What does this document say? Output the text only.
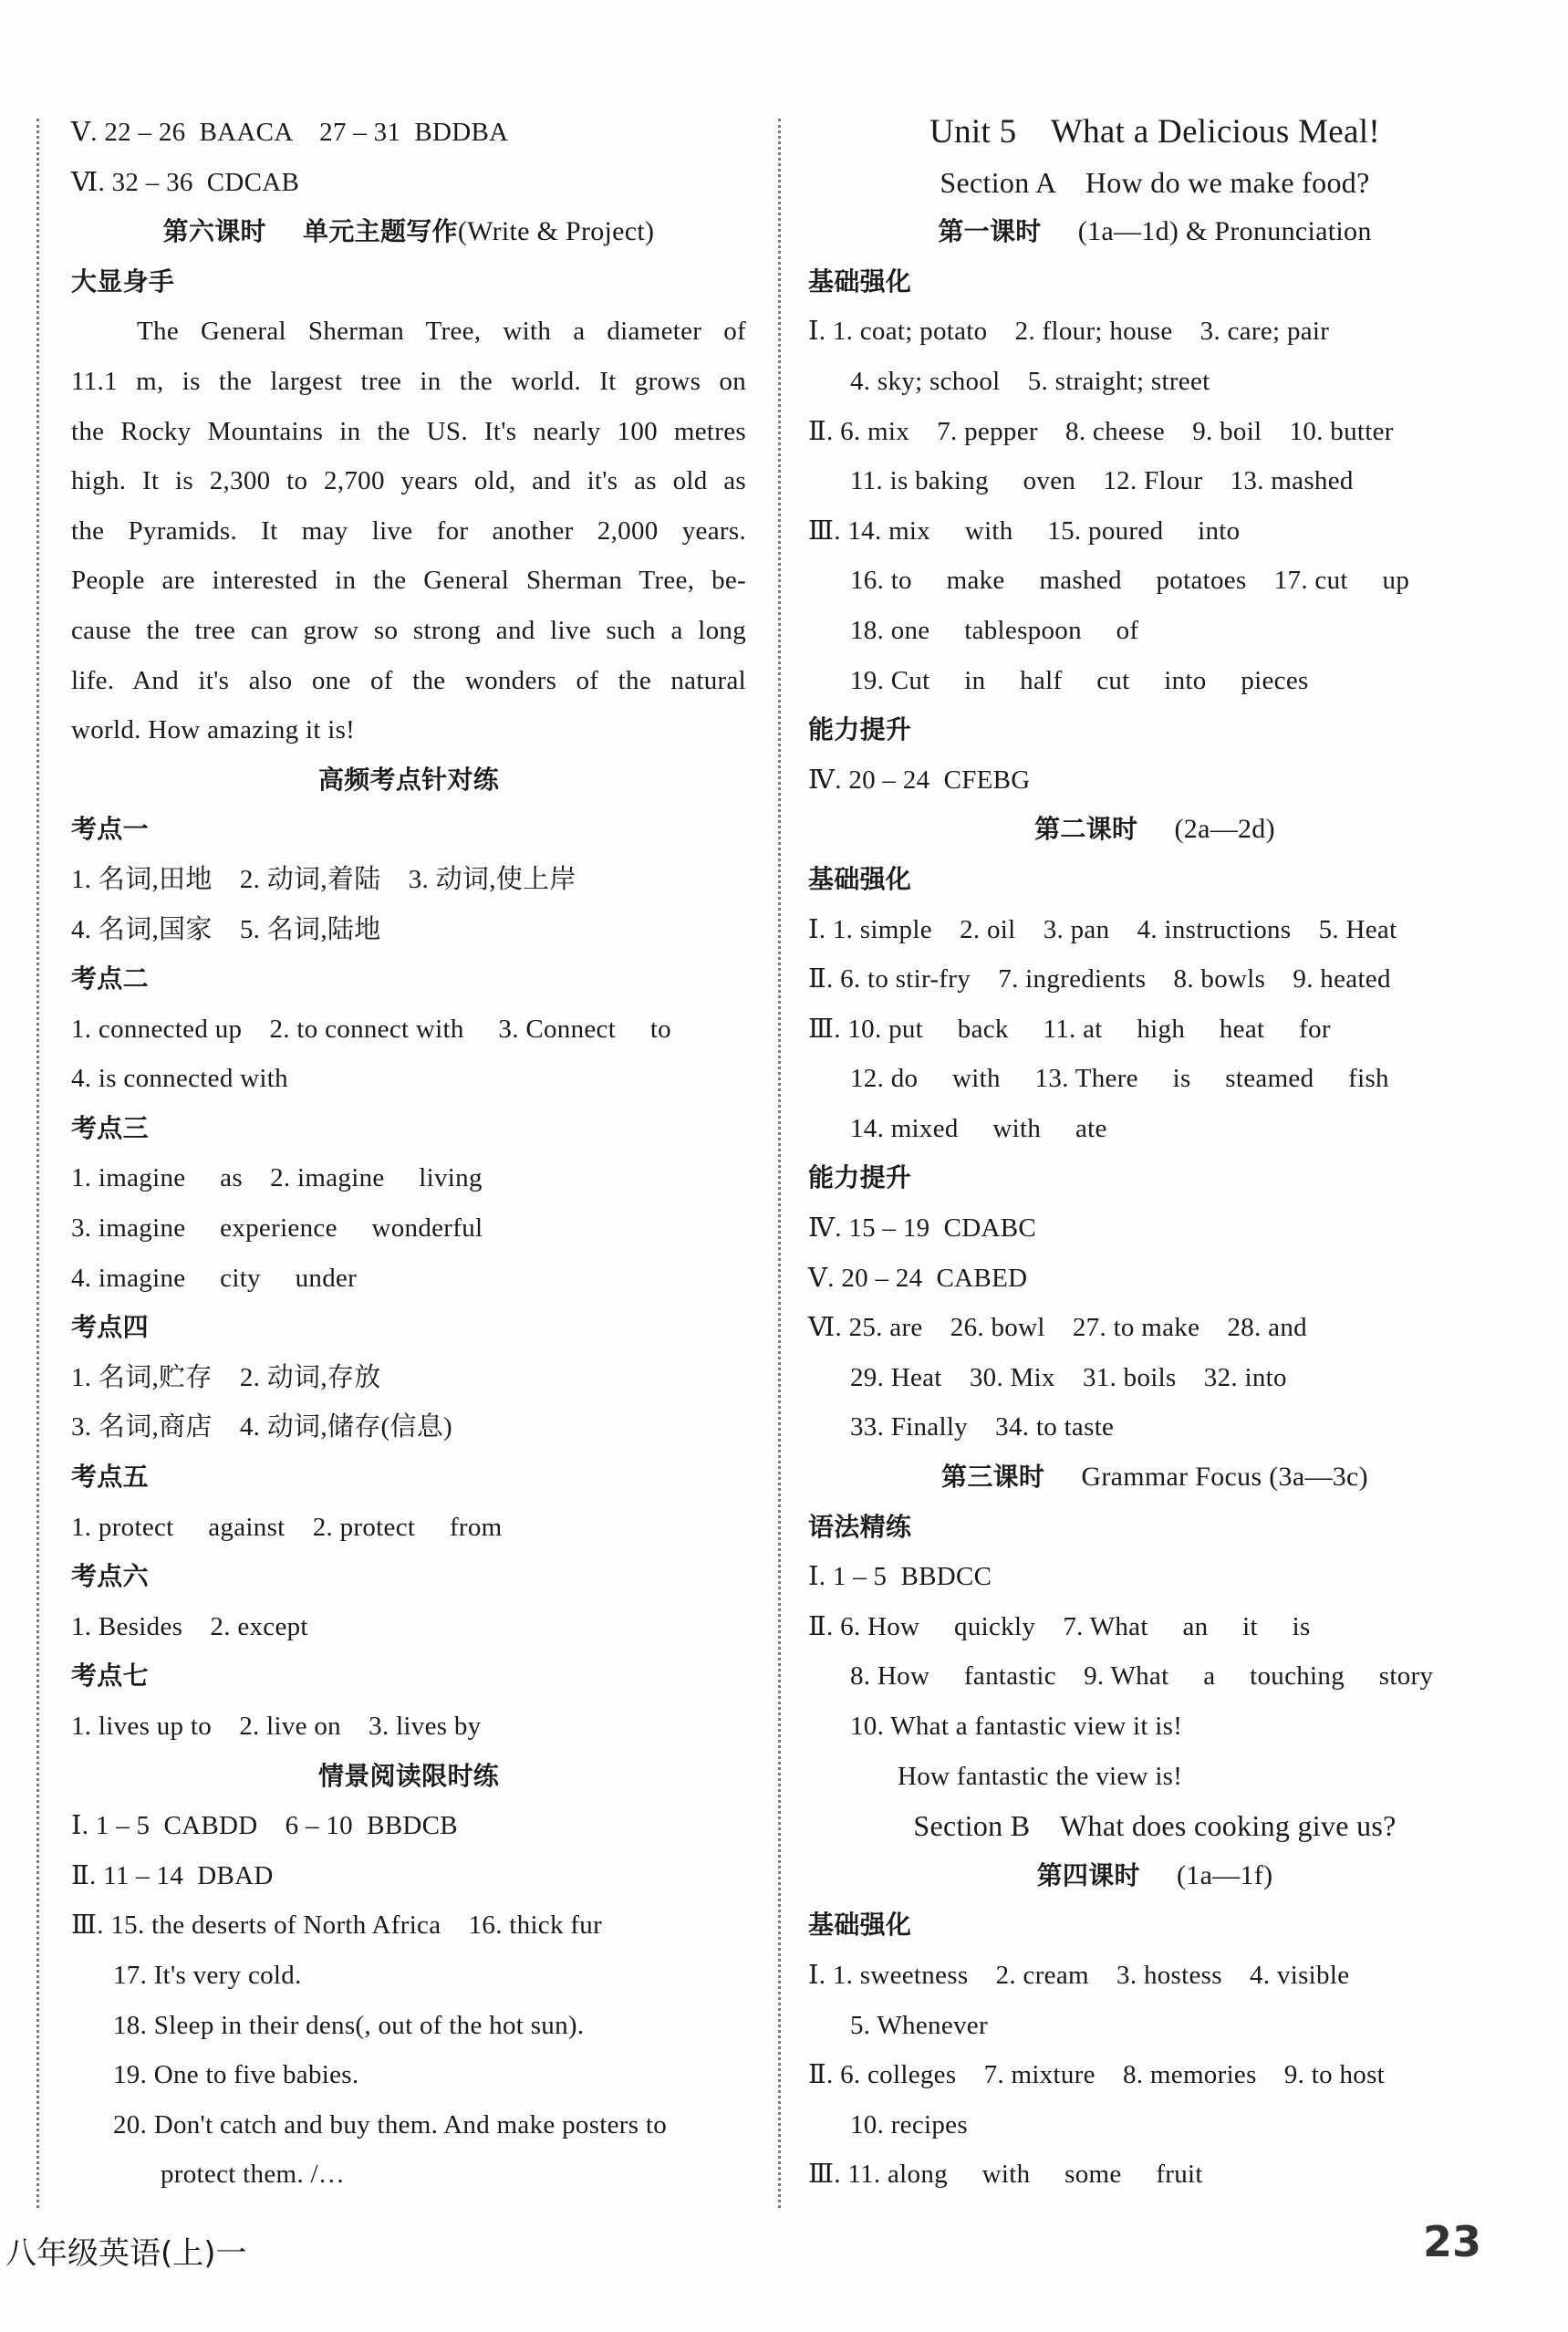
Ⅴ. 22 – 26  BAACA    27 – 31  BDDBA
Ⅵ. 32 – 36  CDCAB
第六课时    单元主题写作(Write & Project)
大显身手
The General Sherman Tree, with a diameter of
11.1 m, is the largest tree in the world. It grows on
the Rocky Mountains in the US. It's nearly 100 metres
high. It is 2,300 to 2,700 years old, and it's as old as
the Pyramids. It may live for another 2,000 years.
People are interested in the General Sherman Tree, be-
cause the tree can grow so strong and live such a long
life. And it's also one of the wonders of the natural
world. How amazing it is!
高频考点针对练
考点一
1. 名词,田地    2. 动词,着陆    3. 动词,使上岸
4. 名词,国家    5. 名词,陆地
考点二
1. connected up    2. to connect with     3. Connect     to
4. is connected with
考点三
1. imagine     as    2. imagine     living
3. imagine     experience     wonderful
4. imagine     city     under
考点四
1. 名词,贮存    2. 动词,存放
3. 名词,商店    4. 动词,储存(信息)
考点五
1. protect     against    2. protect     from
考点六
1. Besides    2. except
考点七
1. lives up to    2. live on    3. lives by
情景阅读限时练
Ⅰ. 1 – 5  CABDD    6 – 10  BBDCB
Ⅱ. 11 – 14  DBAD
Ⅲ. 15. the deserts of North Africa    16. thick fur
17. It's very cold.
18. Sleep in their dens(, out of the hot sun).
19. One to five babies.
20. Don't catch and buy them. And make posters to
protect them. /…
Unit 5    What a Delicious Meal!
Section A    How do we make food?
第一课时 (1a—1d) & Pronunciation
基础强化
Ⅰ. 1. coat; potato    2. flour; house    3. care; pair
4. sky; school    5. straight; street
Ⅱ. 6. mix    7. pepper    8. cheese    9. boil    10. butter
11. is baking     oven    12. Flour    13. mashed
Ⅲ. 14. mix     with     15. poured     into
16. to     make     mashed     potatoes    17. cut     up
18. one     tablespoon     of
19. Cut     in     half     cut     into     pieces
能力提升
Ⅳ. 20 – 24  CFEBG
第二课时 (2a—2d)
基础强化
Ⅰ. 1. simple    2. oil    3. pan    4. instructions    5. Heat
Ⅱ. 6. to stir-fry    7. ingredients    8. bowls    9. heated
Ⅲ. 10. put     back     11. at     high     heat     for
12. do     with     13. There     is     steamed     fish
14. mixed     with     ate
能力提升
Ⅳ. 15 – 19  CDABC
Ⅴ. 20 – 24  CABED
Ⅵ. 25. are    26. bowl    27. to make    28. and
29. Heat    30. Mix    31. boils    32. into
33. Finally    34. to taste
第三课时 Grammar Focus (3a—3c)
语法精练
Ⅰ. 1 – 5  BBDCC
Ⅱ. 6. How     quickly    7. What     an     it     is
8. How     fantastic    9. What     a     touching     story
10. What a fantastic view it is!
How fantastic the view is!
Section B    What does cooking give us?
第四课时 (1a—1f)
基础强化
Ⅰ. 1. sweetness    2. cream    3. hostess    4. visible
5. Whenever
Ⅱ. 6. colleges    7. mixture    8. memories    9. to host
10. recipes
Ⅲ. 11. along     with     some     fruit
八年级英语(上)一	23
